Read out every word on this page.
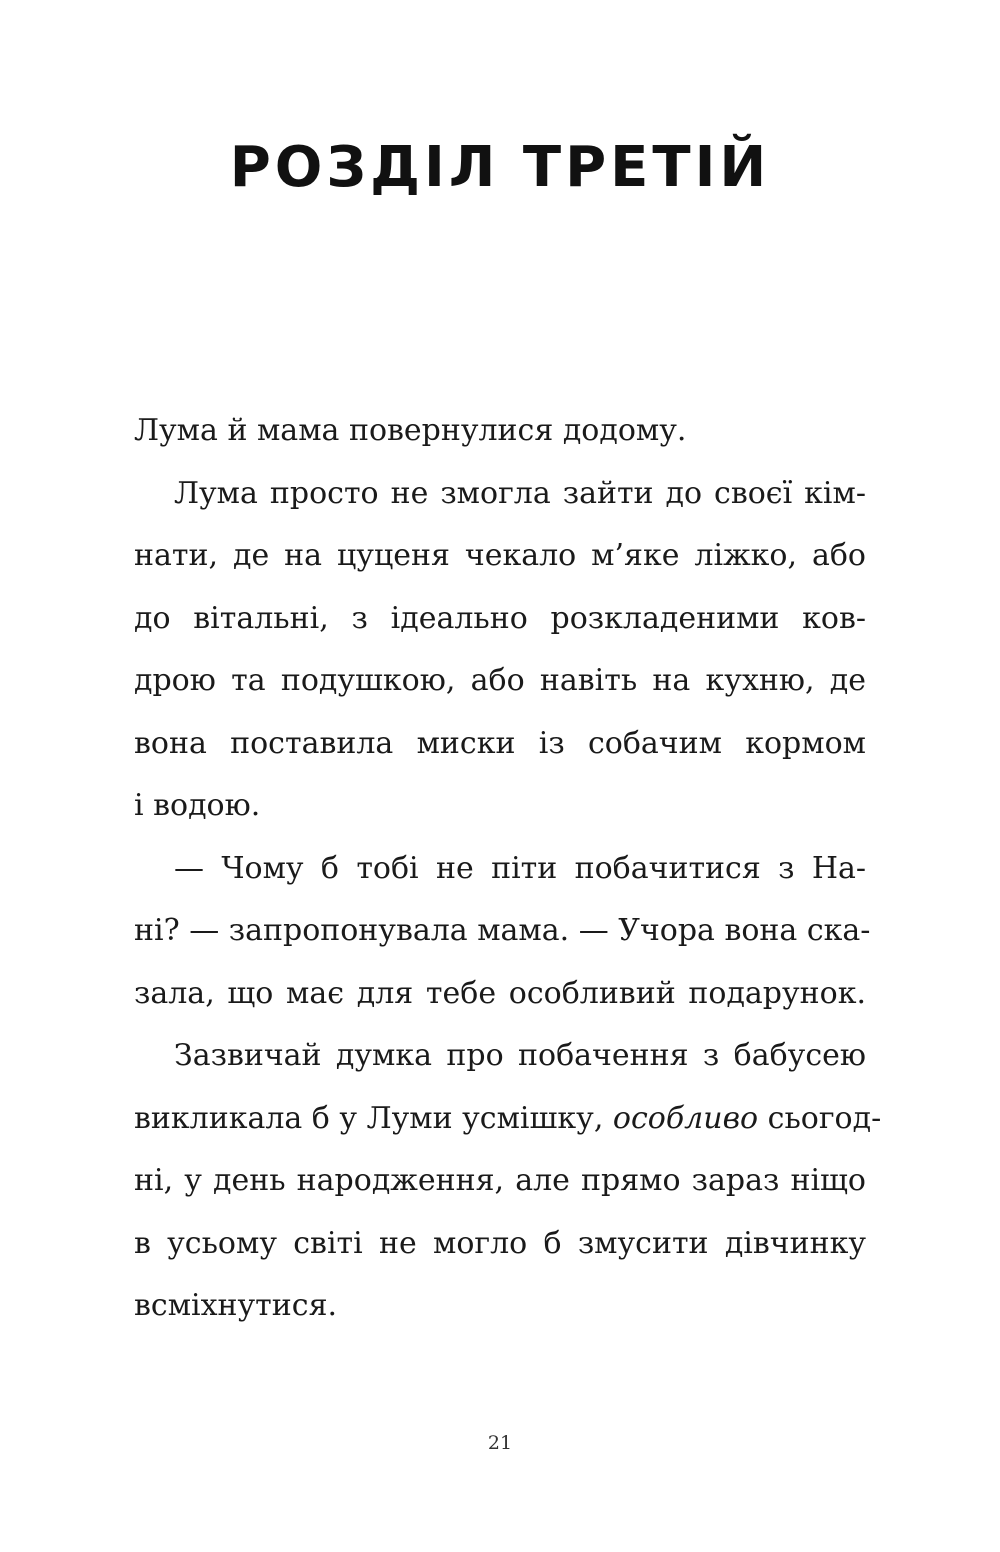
РОЗДІЛ ТРЕТІЙ
Лума й мама повернулися додому.
Лума просто не змогла зайти до своєї кім-
нати, де на цуценя чекало м’яке ліжко, або
до вітальні, з ідеально розкладеними ков-
дрою та подушкою, або навіть на кухню, де
вона поставила миски із собачим кормом
і водою.
— Чому б тобі не піти побачитися з На-
ні? — запропонувала мама. — Учора вона ска-
зала, що має для тебе особливий подарунок.
Зазвичай думка про побачення з бабусею
викликала б у Луми усмішку, особливо сьогод-
ні, у день народження, але прямо зараз ніщо
в усьому світі не могло б змусити дівчинку
всміхнутися.
21
